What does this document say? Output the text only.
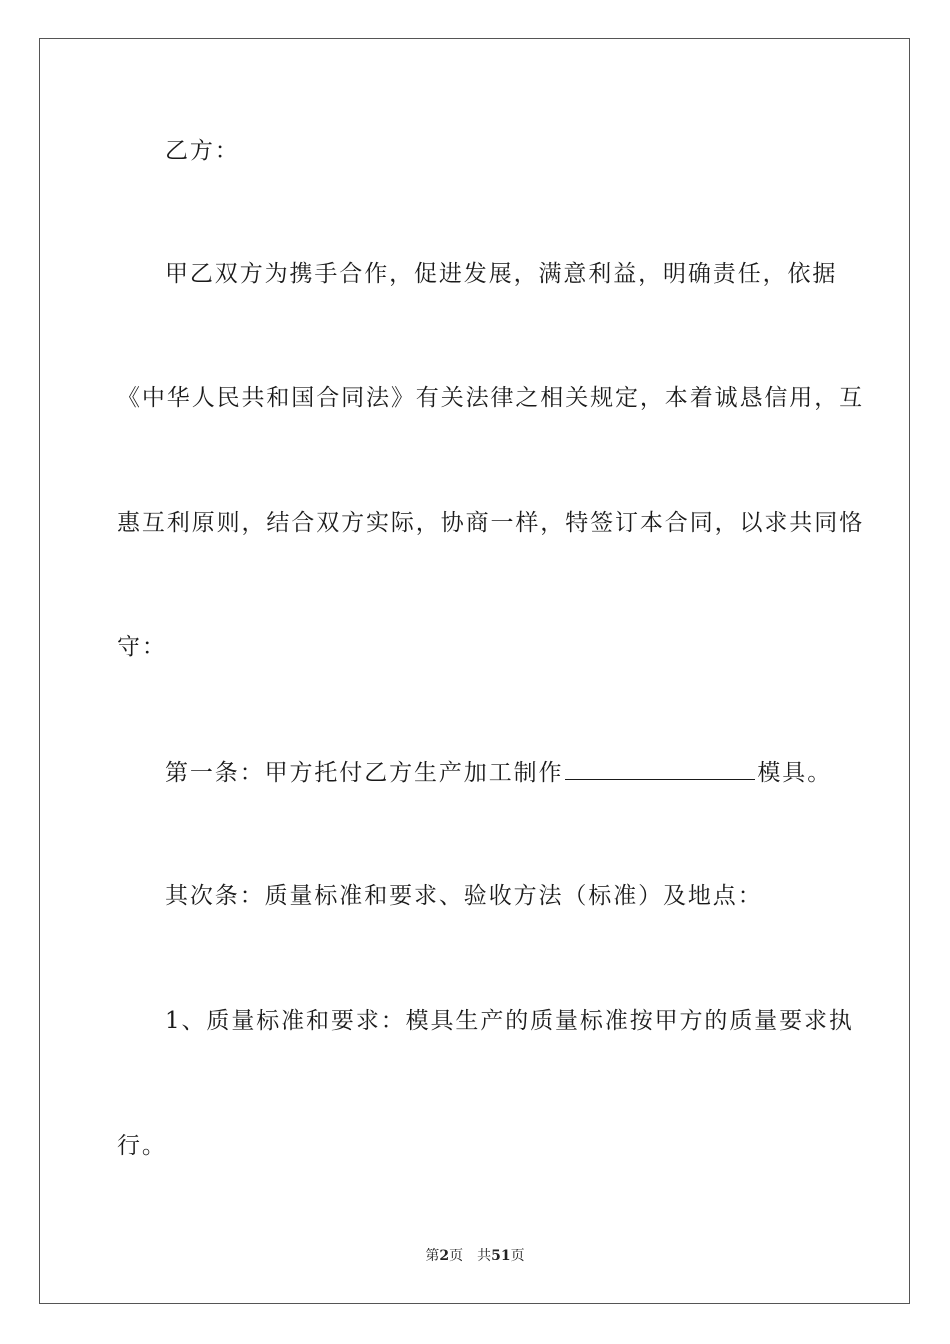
乙方：
甲乙双方为携手合作，促进发展，满意利益，明确责任，依据
《中华人民共和国合同法》有关法律之相关规定，本着诚恳信用，互
惠互利原则，结合双方实际，协商一样，特签订本合同，以求共同恪
守：
第一条：甲方托付乙方生产加工制作	模具。
其次条：质量标准和要求、验收方法（标准）及地点：
1、质量标准和要求：模具生产的质量标准按甲方的质量要求执
行。
第2页 共51页
